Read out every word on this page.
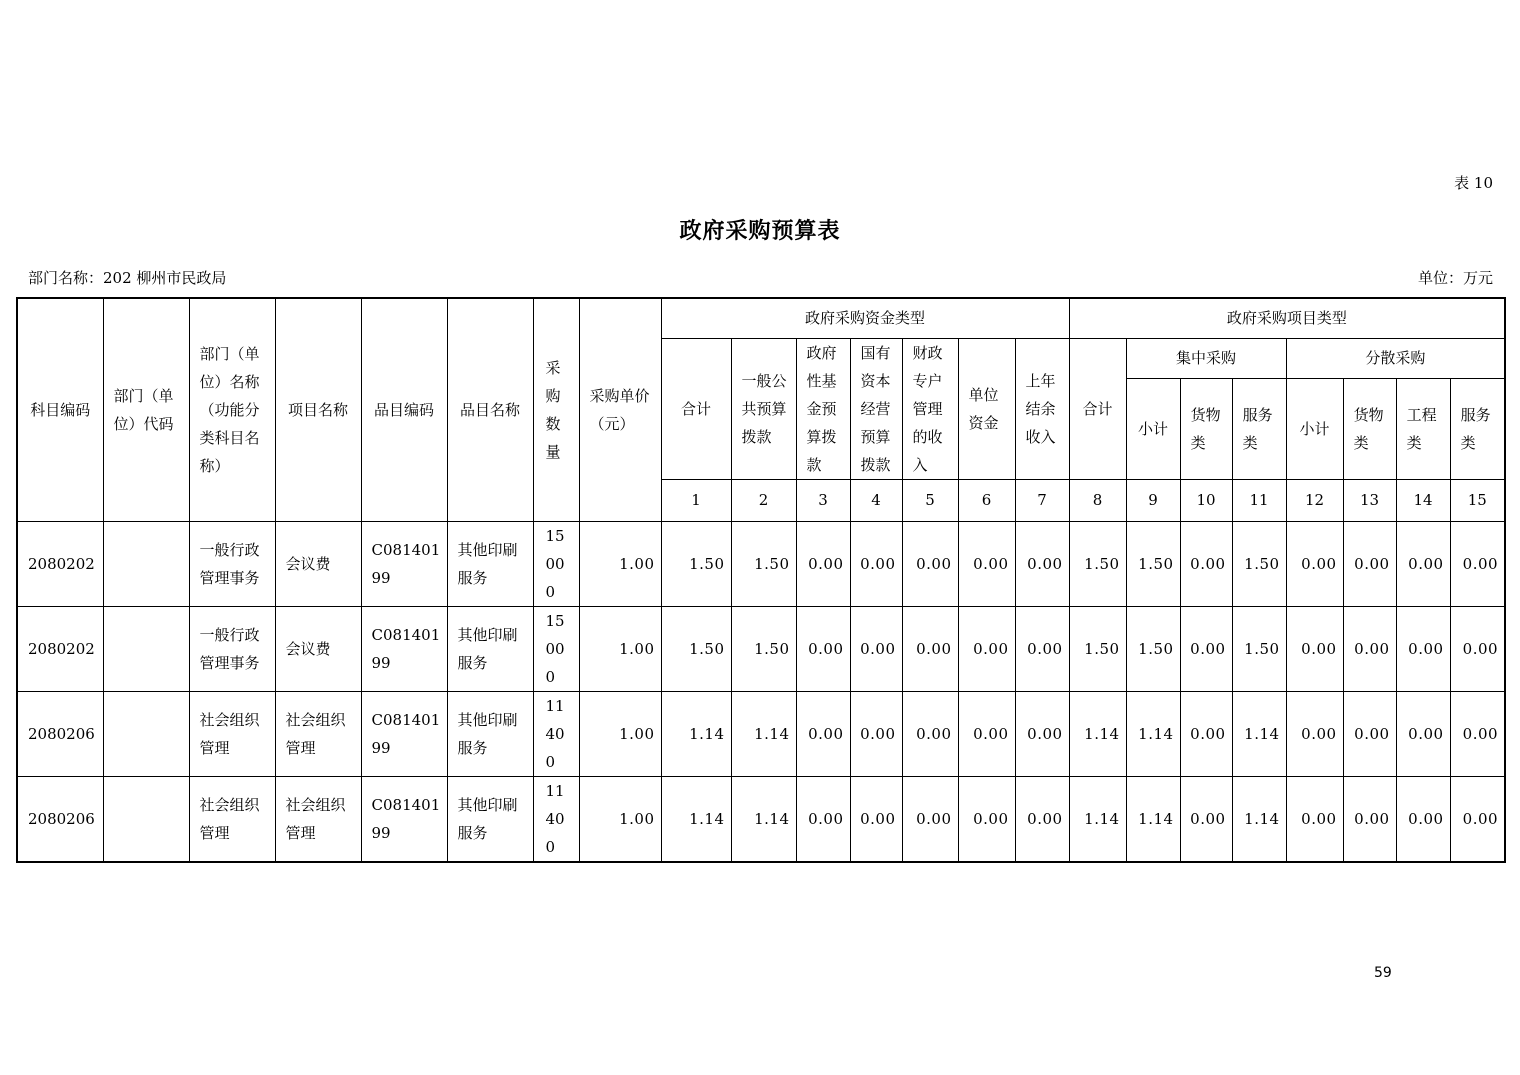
表 10
政府采购预算表
部门名称：202 柳州市民政局	单位：万元
科目编码	部门（单位）代码	部门（单位）名称（功能分类科目名称）	项目名称	品目编码	品目名称	采购数量	采购单价（元）	政府采购资金类型							政府采购项目类型							
								合计	一般公共预算拨款	政府性基金预算拨款	国有资本经营预算拨款	财政专户管理的收入	单位资金	上年结余收入	合计	集中采购			分散采购			
																小计	货物类	服务类	小计	货物类	工程类	服务类
								1	2	3	4	5	6	7	8	9	10	11	12	13	14	15
2080202		一般行政管理事务	会议费	C08140199	其他印刷服务	15000	1.00	1.50	1.50	0.00	0.00	0.00	0.00	0.00	1.50	1.50	0.00	1.50	0.00	0.00	0.00	0.00
2080202		一般行政管理事务	会议费	C08140199	其他印刷服务	15000	1.00	1.50	1.50	0.00	0.00	0.00	0.00	0.00	1.50	1.50	0.00	1.50	0.00	0.00	0.00	0.00
2080206		社会组织管理	社会组织管理	C08140199	其他印刷服务	11400	1.00	1.14	1.14	0.00	0.00	0.00	0.00	0.00	1.14	1.14	0.00	1.14	0.00	0.00	0.00	0.00
2080206		社会组织管理	社会组织管理	C08140199	其他印刷服务	11400	1.00	1.14	1.14	0.00	0.00	0.00	0.00	0.00	1.14	1.14	0.00	1.14	0.00	0.00	0.00	0.00
59
